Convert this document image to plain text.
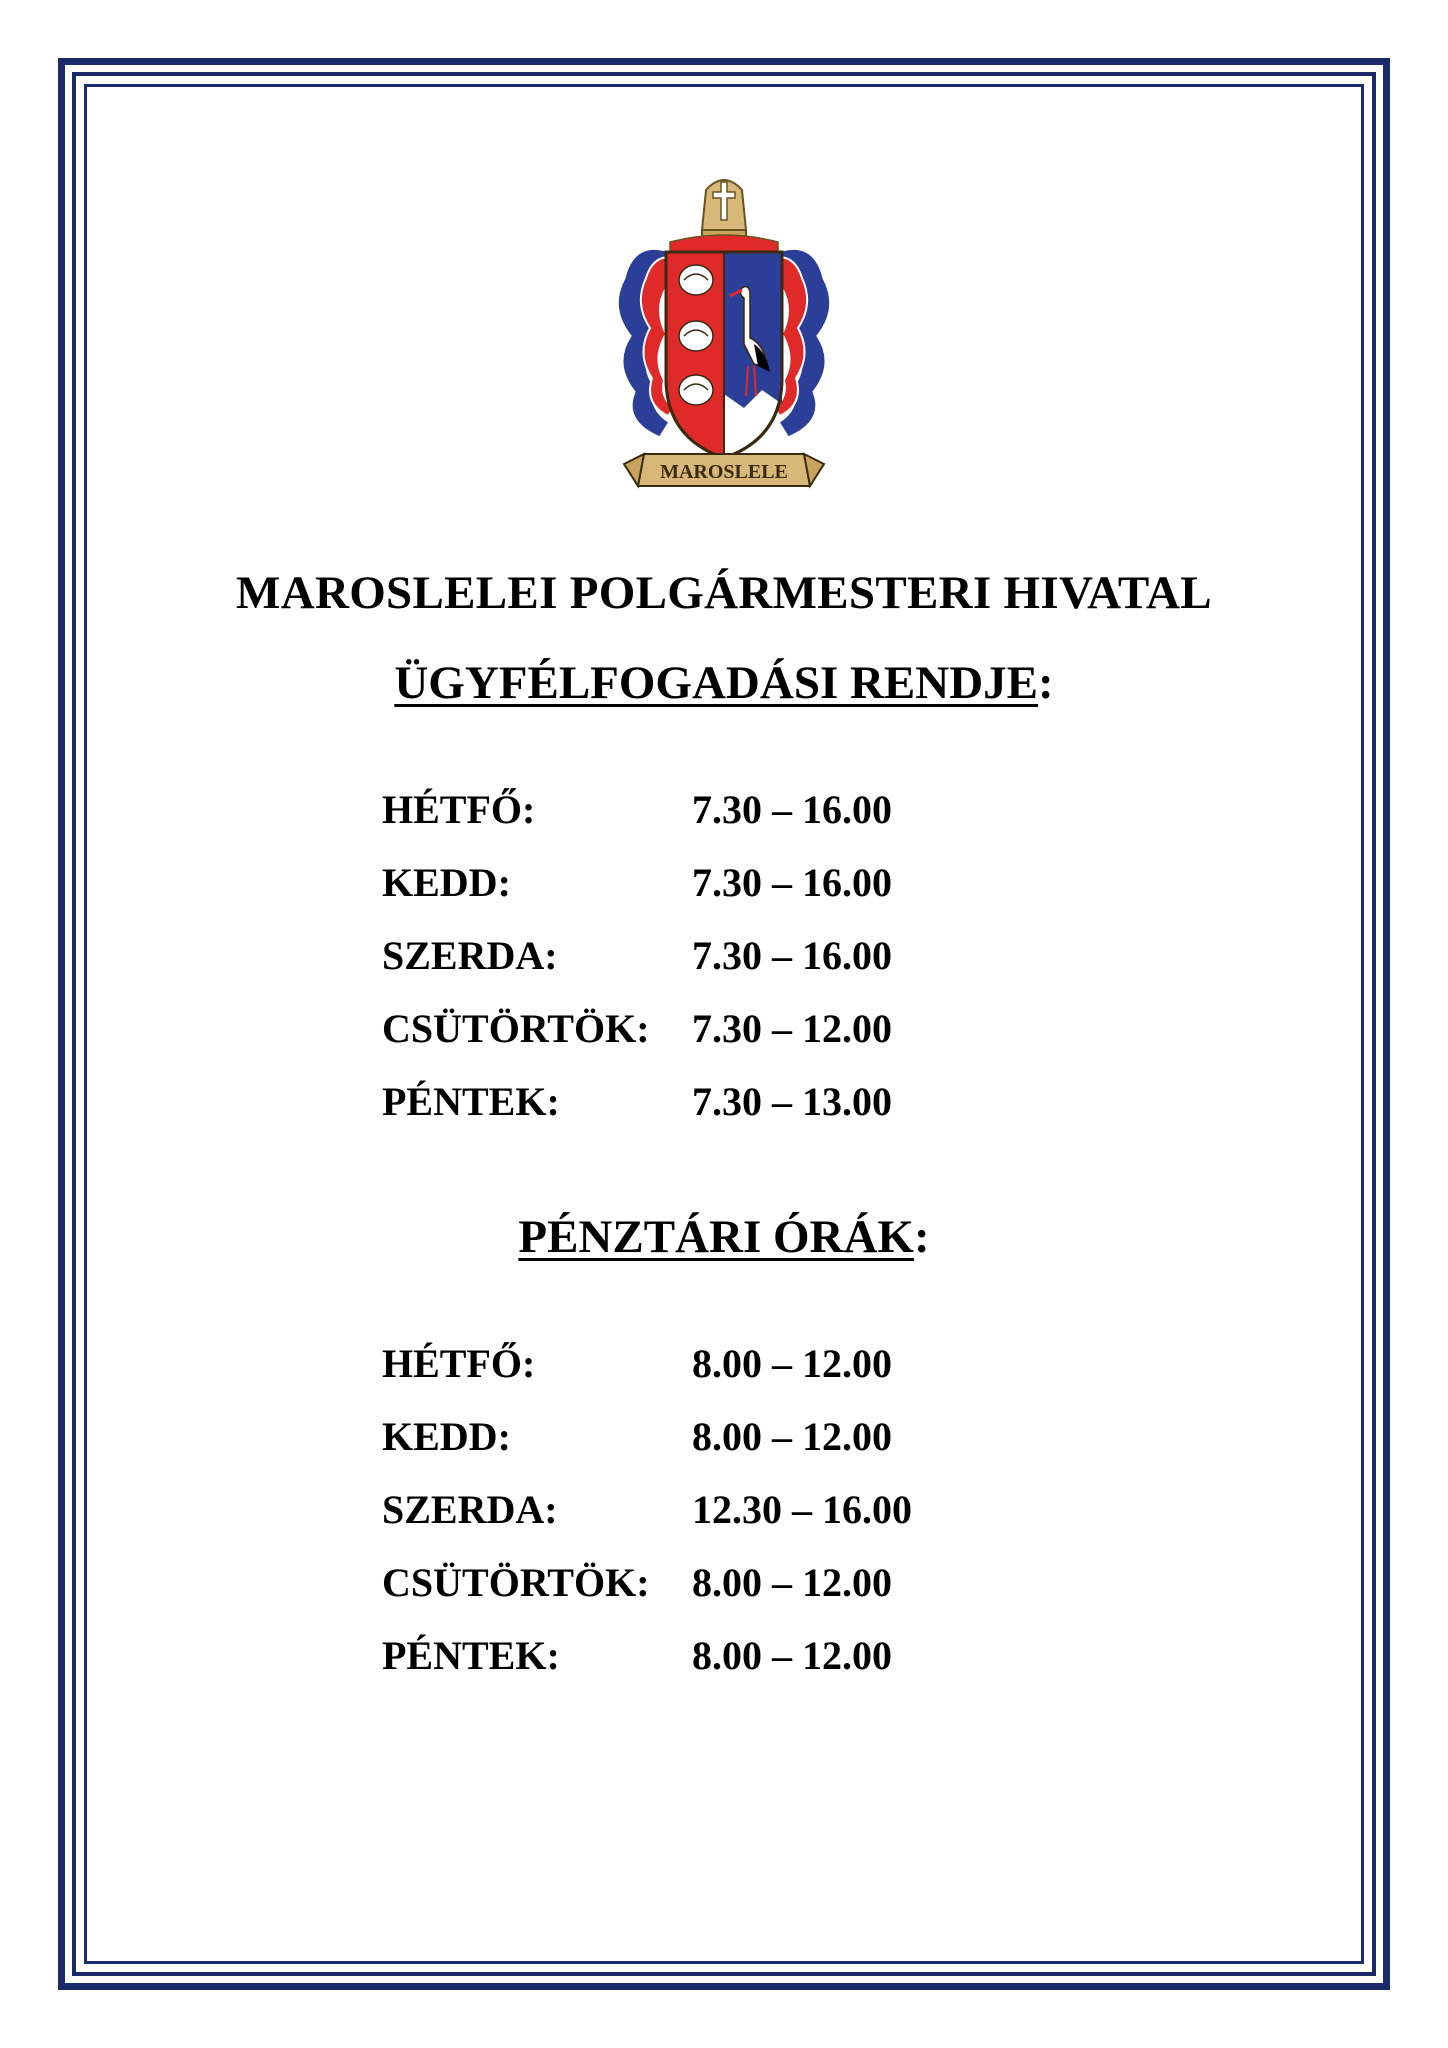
MAROSLELE
MAROSLELEI POLGÁRMESTERI HIVATAL
ÜGYFÉLFOGADÁSI RENDJE:
HÉTFŐ:	7.30 – 16.00
KEDD:	7.30 – 16.00
SZERDA:	7.30 – 16.00
CSÜTÖRTÖK:	7.30 – 12.00
PÉNTEK:	7.30 – 13.00
PÉNZTÁRI ÓRÁK:
HÉTFŐ:	8.00 – 12.00
KEDD:	8.00 – 12.00
SZERDA:	12.30 – 16.00
CSÜTÖRTÖK:	8.00 – 12.00
PÉNTEK:	8.00 – 12.00
